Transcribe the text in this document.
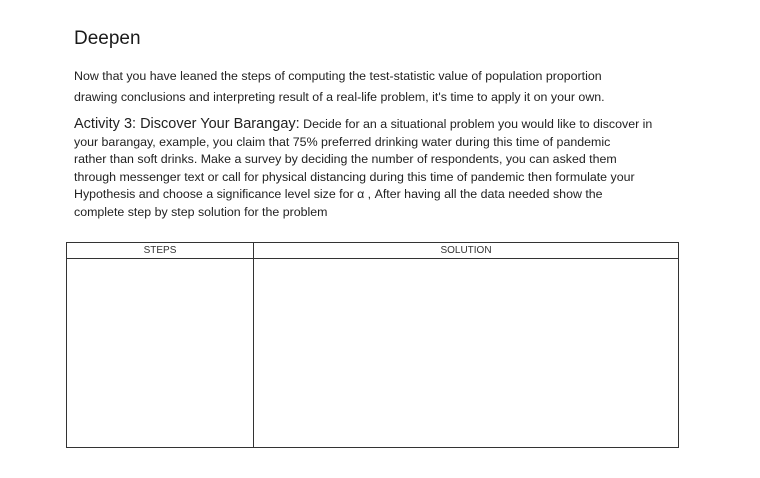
Deepen
Now that you have leaned the steps of computing the test-statistic value of population proportion
drawing conclusions and interpreting result of a real-life problem, it's time to apply it on your own.
Activity 3: Discover Your Barangay: Decide for an a situational problem you would like to discover in
your barangay, example, you claim that 75% preferred drinking water during this time of pandemic
rather than soft drinks. Make a survey by deciding the number of respondents, you can asked them
through messenger text or call for physical distancing during this time of pandemic then formulate your
Hypothesis and choose a significance level size for α , After having all the data needed show the
complete step by step solution for the problem
STEPS	SOLUTION
